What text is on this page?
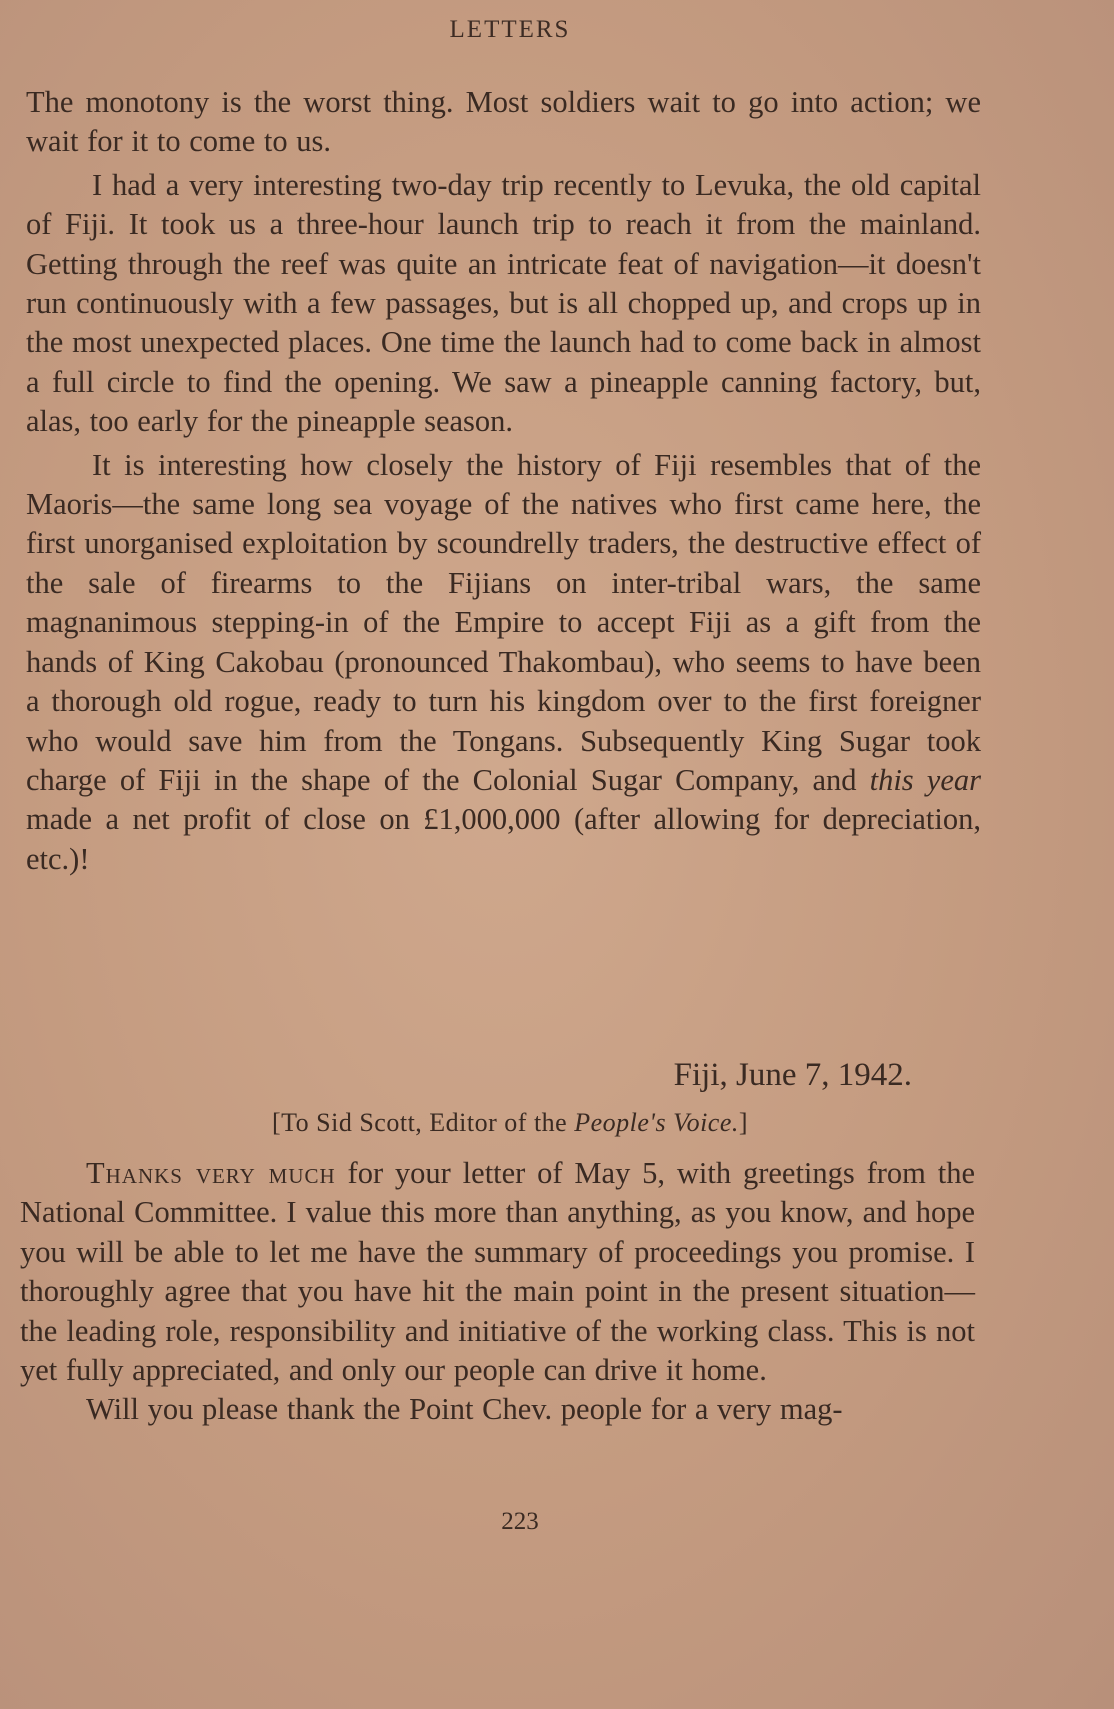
LETTERS

The monotony is the worst thing. Most soldiers wait to go into action; we wait for it to come to us.

I had a very interesting two-day trip recently to Levuka, the old capital of Fiji. It took us a three-hour launch trip to reach it from the mainland. Getting through the reef was quite an intricate feat of navigation—it doesn't run continuously with a few passages, but is all chopped up, and crops up in the most unexpected places. One time the launch had to come back in almost a full circle to find the opening. We saw a pineapple canning factory, but, alas, too early for the pineapple season.

It is interesting how closely the history of Fiji resembles that of the Maoris—the same long sea voyage of the natives who first came here, the first unorganised exploitation by scoundrelly traders, the destructive effect of the sale of firearms to the Fijians on inter-tribal wars, the same magnanimous stepping-in of the Empire to accept Fiji as a gift from the hands of King Cakobau (pronounced Thakombau), who seems to have been a thorough old rogue, ready to turn his kingdom over to the first foreigner who would save him from the Tongans. Subsequently King Sugar took charge of Fiji in the shape of the Colonial Sugar Company, and this year made a net profit of close on £1,000,000 (after allowing for depreciation, etc.)!

Fiji, June 7, 1942.
[To Sid Scott, Editor of the People's Voice.]

Thanks very much for your letter of May 5, with greetings from the National Committee. I value this more than anything, as you know, and hope you will be able to let me have the summary of proceedings you promise. I thoroughly agree that you have hit the main point in the present situation—the leading role, responsibility and initiative of the working class. This is not yet fully appreciated, and only our people can drive it home.

Will you please thank the Point Chev. people for a very mag-

223
